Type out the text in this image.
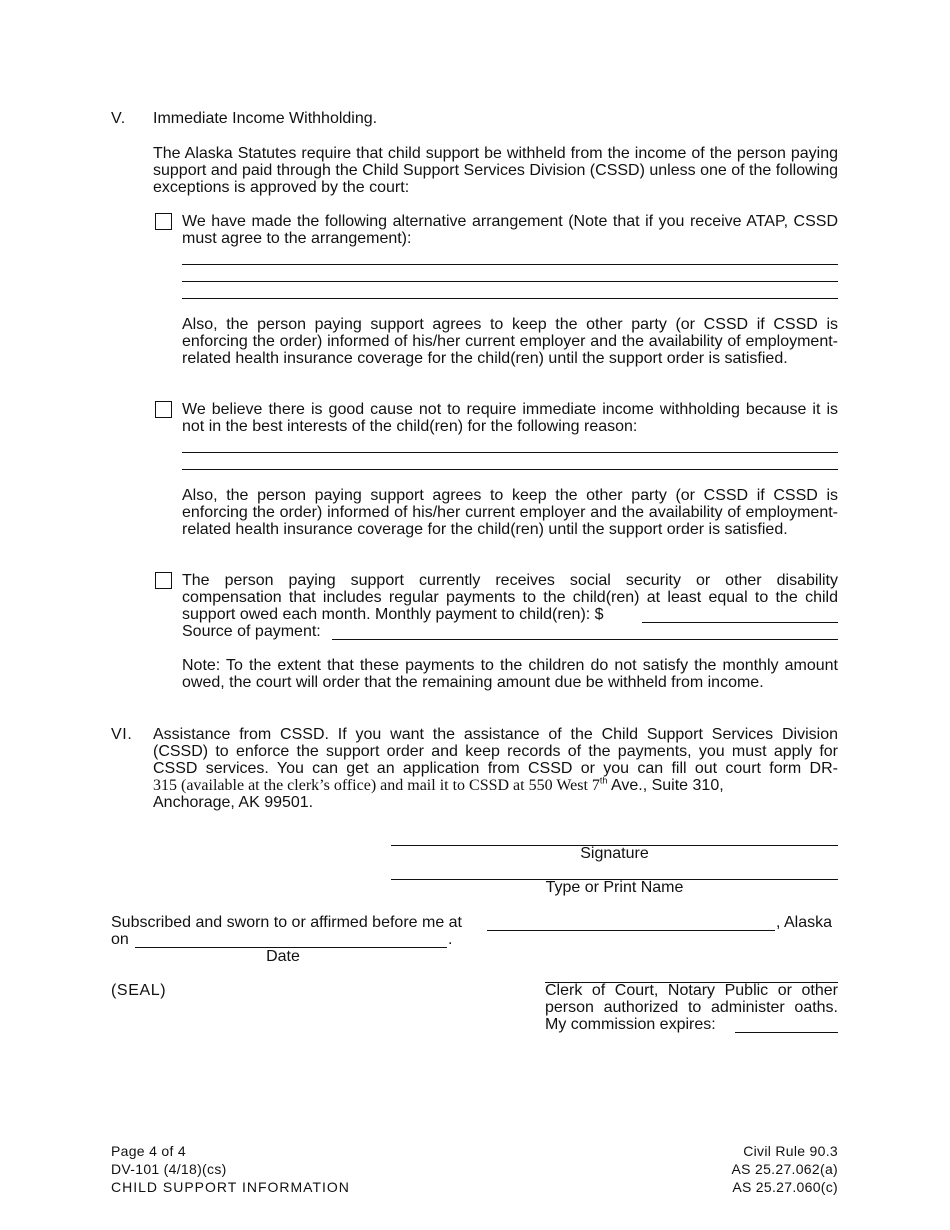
V. Immediate Income Withholding.
The Alaska Statutes require that child support be withheld from the income of the person paying support and paid through the Child Support Services Division (CSSD) unless one of the following exceptions is approved by the court:
We have made the following alternative arrangement (Note that if you receive ATAP, CSSD must agree to the arrangement):
Also, the person paying support agrees to keep the other party (or CSSD if CSSD is enforcing the order) informed of his/her current employer and the availability of employment-related health insurance coverage for the child(ren) until the support order is satisfied.
We believe there is good cause not to require immediate income withholding because it is not in the best interests of the child(ren) for the following reason:
Also, the person paying support agrees to keep the other party (or CSSD if CSSD is enforcing the order) informed of his/her current employer and the availability of employment-related health insurance coverage for the child(ren) until the support order is satisfied.
The person paying support currently receives social security or other disability
compensation that includes regular payments to the child(ren) at least equal to the child
support owed each month. Monthly payment to child(ren): $
Source of payment:
Note: To the extent that these payments to the children do not satisfy the monthly amount owed, the court will order that the remaining amount due be withheld from income.
VI. Assistance from CSSD. If you want the assistance of the Child Support Services Division
(CSSD) to enforce the support order and keep records of the payments, you must apply for
CSSD services. You can get an application from CSSD or you can fill out court form DR-
315 (available at the clerk’s office) and mail it to CSSD at 550 West 7th Ave., Suite 310,
Anchorage, AK 99501.
Signature
Type or Print Name
Subscribed and sworn to or affirmed before me at	, Alaska
on	.
Date
(SEAL)	Clerk of Court, Notary Public or other
person authorized to administer oaths.
My commission expires:
Page 4 of 4
DV-101 (4/18)(cs)
CHILD SUPPORT INFORMATION
Civil Rule 90.3
AS 25.27.062(a)
AS 25.27.060(c)
